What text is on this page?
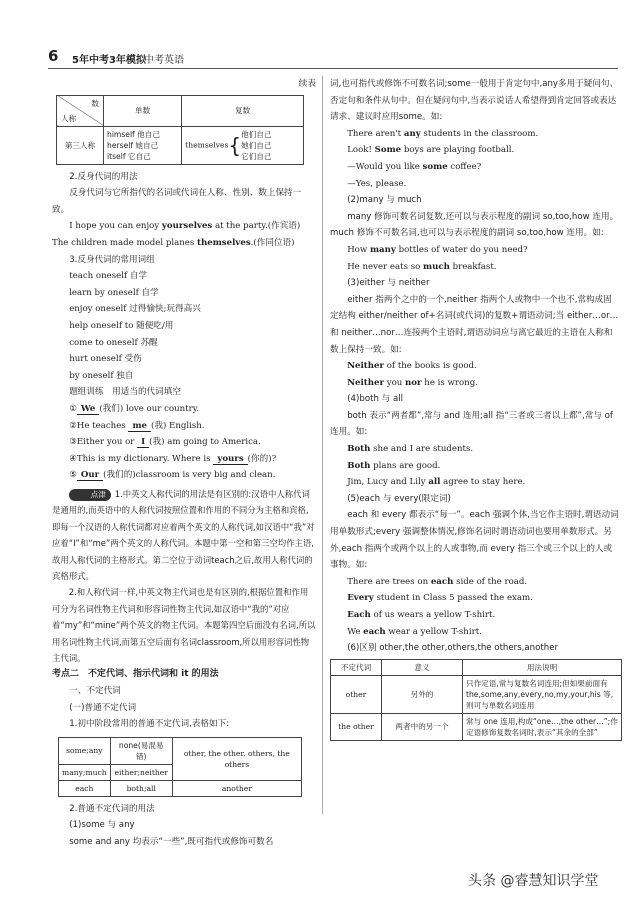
6 5年中考3年模拟
中考英语

续表

数
人称	单数	复数
第三人称	himself 他自己
herself 她自己
itself 它自己	themselves{他们自己
她们自己
它们自己

2.反身代词的用法

反身代词与它所指代的名词或代词在人称、性别、数上保持一致。

I hope you can enjoy yourselves at the party.(作宾语)

The children made model planes themselves.(作同位语)

3.反身代词的常用词组

teach oneself 自学

learn by oneself 自学

enjoy oneself 过得愉快;玩得高兴

help oneself to 随便吃/用

come to oneself 苏醒

hurt oneself 受伤

by oneself 独自

题组训练　用适当的代词填空

① We (我们) love our country.

②He teaches me (我) English.

③Either you or I (我) am going to America.

④This is my dictionary. Where is yours (你的)?

⑤ Our (我们的)classroom is very big and clean.

点津 1.中英文人称代词的用法是有区别的:汉语中人称代词是通用的,而英语中的人称代词按照位置和作用的不同分为主格和宾格,即每一个汉语的人称代词都对应着两个英文的人称代词,如汉语中“我”对应着“I”和“me”两个英文的人称代词。本题中第一空和第三空均作主语,故用人称代词的主格形式。第二空位于动词teach之后,故用人称代词的宾格形式。

2.和人称代词一样,中英文物主代词也是有区别的,根据位置和作用可分为名词性物主代词和形容词性物主代词,如汉语中“我的”对应着“my”和“mine”两个英文的物主代词。本题第四空后面没有名词,所以用名词性物主代词,而第五空后面有名词classroom,所以用形容词性物主代词。

考点二　不定代词、指示代词和 it 的用法

一、不定代词

(一)普通不定代词

1.初中阶段常用的普通不定代词,表格如下:

some;any	none(易混易错)	other, the other, others, the others
many;much	either;neither	
each	both;all	another

2.普通不定代词的用法

(1)some 与 any

some and any 均表示“一些”,既可指代或修饰可数名

词,也可指代或修饰不可数名词;some一般用于肯定句中,any多用于疑问句、否定句和条件从句中。但在疑问句中,当表示说话人希望得到肯定回答或表达请求、建议时应用some。如:

There aren't any students in the classroom.

Look! Some boys are playing football.

—Would you like some coffee?

—Yes, please.

(2)many 与 much

many 修饰可数名词复数,还可以与表示程度的副词 so,too,how 连用。much 修饰不可数名词,也可以与表示程度的副词 so,too,how 连用。如:

How many bottles of water do you need?

He never eats so much breakfast.

(3)either 与 neither

either 指两个之中的一个,neither 指两个人或物中一个也不,常构成固定结构 either/neither of+名词(或代词)的复数+谓语动词;当 either…or…和 neither…nor…连接两个主语时,谓语动词应与离它最近的主语在人称和数上保持一致。如:

Neither of the books is good.

Neither you nor he is wrong.

(4)both 与 all

both 表示“两者都”,常与 and 连用;all 指“三者或三者以上都”,常与 of 连用。如:

Both she and I are students.

Both plans are good.

Jim, Lucy and Lily all agree to stay here.

(5)each 与 every(限定词)

each 和 every 都表示“每一”。each 强调个体,当它作主语时,谓语动词用单数形式;every 强调整体情况,修饰名词时谓语动词也要用单数形式。另外,each 指两个或两个以上的人或事物,而 every 指三个或三个以上的人或事物。如:

There are trees on each side of the road.

Every student in Class 5 passed the exam.

Each of us wears a yellow T-shirt.

We each wear a yellow T-shirt.

(6)区别 other,the other,others,the others,another

不定代词	意义	用法说明
other	另外的	只作定语,常与复数名词连用;但如果前面有 the,some,any,every,no,my,your,his 等,则可与单数名词连用
the other	两者中的另一个	常与 one 连用,构成“one…,the other…”;作定语修饰复数名词时,表示“其余的全部”
头条 @睿慧知识学堂
